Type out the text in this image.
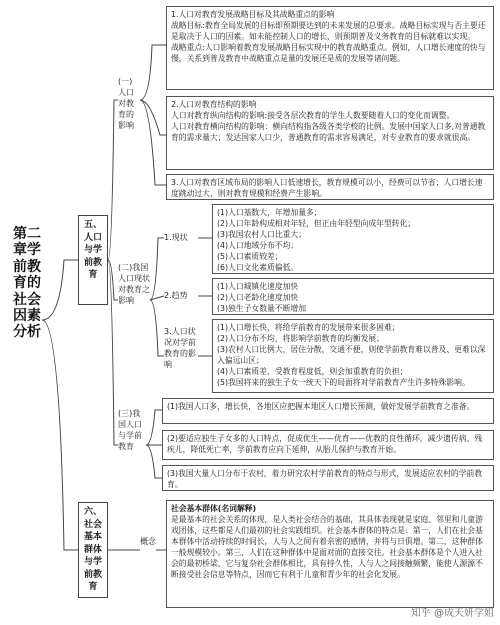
第二章学前教育的社会因素分析
五、人口与学前教育
(一)人口对教育的影响

1.人口对教育发展战略目标及其战略重点的影响

战略目标:教育全局发展的目标即预期要达到的未来发展的总要求。战略目标实现与否主要还是取决于人口的因素。如未能控制人口的增长，则预期普及义务教育的目标就难以实现。

战略重点:人口影响着教育发展战略目标实现中的教育战略重点。例如，人口增长速度的快与慢，关系到普及教育中战略重点是量的发展还是质的发展等诸问题。

2.人口对教育结构的影响

人口对教育纵向结构的影响:接受各层次教育的学生人数要随着人口的变化而调整。

人口对教育横向结构的影响：横向结构指各级各类学校的比例。发展中国家人口多,对普通教育的需求量大；发达国家人口少，普通教育的需求容易满足，对专业教育的要求就很高。

3.人口对教育区域布局的影响人口低速增长，教育规模可以小，经费可以节省；人口增长速度跳动过大，则对教育规模和经费产生影响。

(二)我国人口现状对教育之影响
1.现状
2.趋势
3.人口状况对学前教育的影响

(1)人口基数大，年增加量多；

(2)人口年龄构成相对年轻，但正由年轻型向成年型转化；

(3)我国农村人口比重大；

(4)人口地域分布不均；

(5)人口素质较差；

(6)人口文化素质偏低。

(1)人口城镇化速度加快

(2)人口老龄化速度加快

(3)独生子女数量不断增加

(1)人口增长快，将给学前教育的发展带来很多困难；

(2)人口分布不均，将影响学前教育的均衡发展；

(3)农村人口比例大，居住分散，交通不便，则使学前教育难以普及、更难以深入偏远山区；

(4)人口素质差、受教育程度低，则会加重教育的负担；

(5)我国将来的独生子女一统天下的局面将对学前教育产生许多特殊影响。

(三)我国人口与学前教育

(1)我国人口多，增长快，各地区应把握本地区人口增长预测，做好发展学前教育之准备。

(2)要适应独生子女多的人口特点，促成优生——优育——优教的良性循环，减少遗传病、残疾儿，降低死亡率，学前教育应向下延伸，从胎儿保护与教育开始。

(3)我国大量人口分布于农村，着力研究农村学前教育的特点与形式，发展适应农村的学前教育。

六、社会基本群体与学前教育
概念

社会基本群体(名词解释)

是最基本的社会关系的体现，是人类社会结合的基础，其具体表现就是家庭、邻里和儿童游戏团体，这些都是人们最初的社会实践组织。社会基本群体的特点是：第一，人们在社会基本群体中活动持续的时间长，人与人之间有着亲密的感情，并将与日俱增。第二，这种群体一般规模较小。第三，人们在这种群体中是面对面的直接交往。社会基本群体是个人进入社会的最初桥梁，它与复杂社会群体相比，具有持久性，人与人之间接触频繁，能使人源源不断接受社会信息等特点，因而它有利于儿童和青少年的社会化发展。

知乎 @成天妍学姐
